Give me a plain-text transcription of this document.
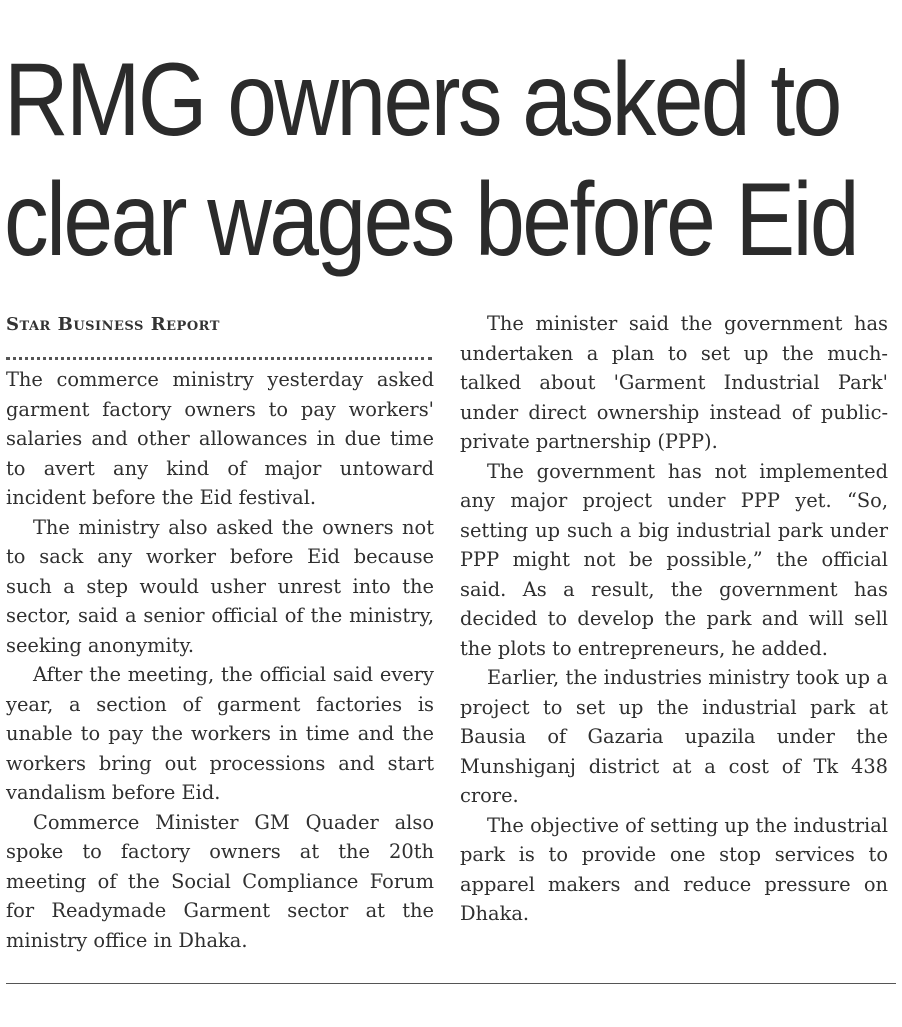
RMG owners asked to
clear wages before Eid
Star Business Report

The commerce ministry yesterday asked garment factory owners to pay workers' salaries and other allowances in due time to avert any kind of major untoward incident before the Eid festival.

The ministry also asked the owners not to sack any worker before Eid because such a step would usher unrest into the sector, said a senior official of the ministry, seeking anonymity.

After the meeting, the official said every year, a section of garment factories is unable to pay the workers in time and the workers bring out processions and start vandalism before Eid.

Commerce Minister GM Quader also spoke to factory owners at the 20th meeting of the Social Compliance Forum for Readymade Garment sector at the ministry office in Dhaka.

The minister said the government has undertaken a plan to set up the much-talked about 'Garment Industrial Park' under direct ownership instead of public-private partnership (PPP).

The government has not implemented any major project under PPP yet. “So, setting up such a big industrial park under PPP might not be possible,” the official said. As a result, the government has decided to develop the park and will sell the plots to entrepreneurs, he added.

Earlier, the industries ministry took up a project to set up the industrial park at Bausia of Gazaria upazila under the Munshiganj district at a cost of Tk 438 crore.

The objective of setting up the industrial park is to provide one stop services to apparel makers and reduce pressure on Dhaka.
